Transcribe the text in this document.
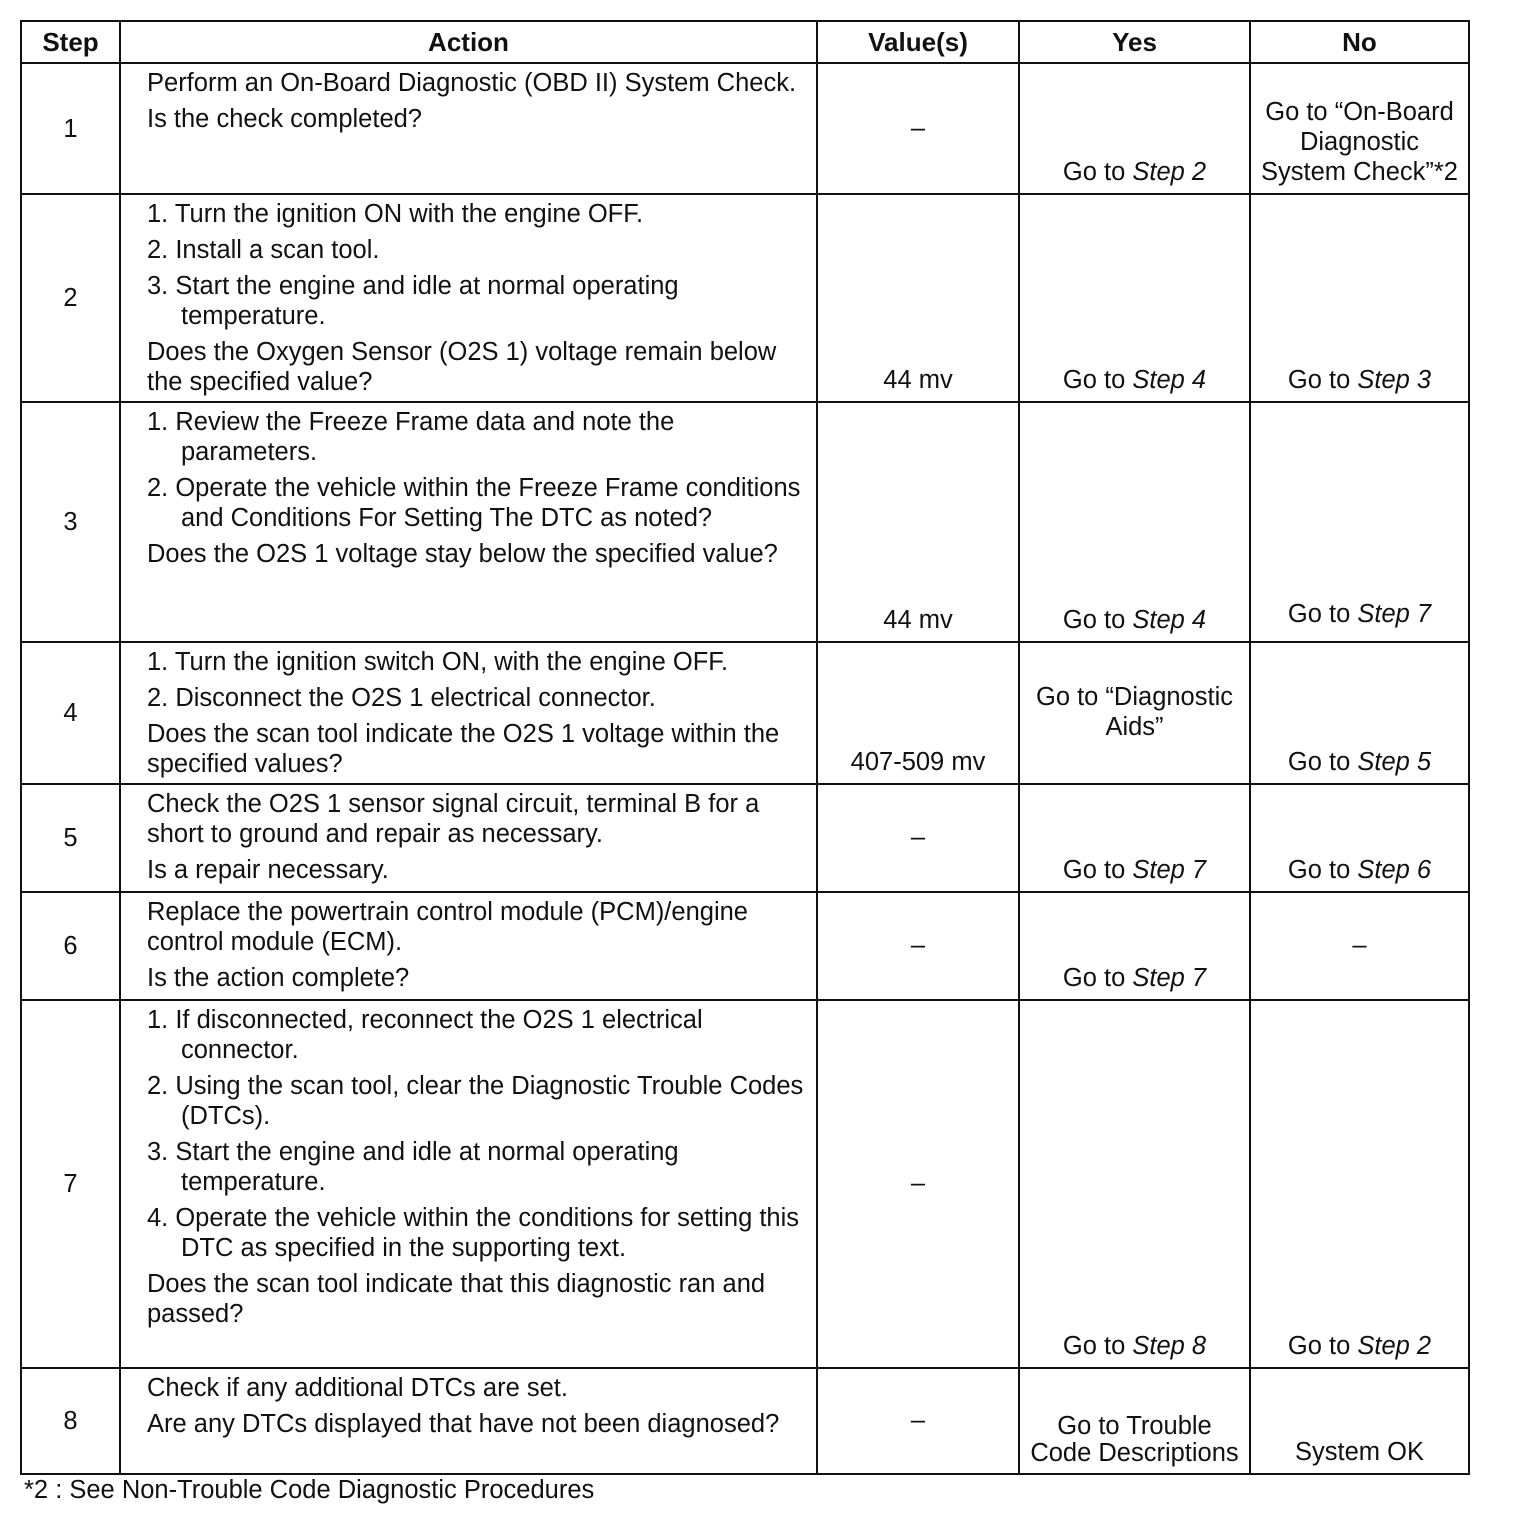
Step	Action	Value(s)	Yes	No
1	Perform an On-Board Diagnostic (OBD II) System Check.
Is the check completed?	–	Go to Step 2	Go to “On-Board Diagnostic System Check”*2
2	1. Turn the ignition ON with the engine OFF.
2. Install a scan tool.
3. Start the engine and idle at normal operating temperature.
Does the Oxygen Sensor (O2S 1) voltage remain below the specified value?	44 mv	Go to Step 4	Go to Step 3
3	1. Review the Freeze Frame data and note the parameters.
2. Operate the vehicle within the Freeze Frame conditions and Conditions For Setting The DTC as noted?
Does the O2S 1 voltage stay below the specified value?	44 mv	Go to Step 4	Go to Step 7
4	1. Turn the ignition switch ON, with the engine OFF.
2. Disconnect the O2S 1 electrical connector.
Does the scan tool indicate the O2S 1 voltage within the specified values?	407-509 mv	Go to “Diagnostic Aids”	Go to Step 5
5	Check the O2S 1 sensor signal circuit, terminal B for a short to ground and repair as necessary.
Is a repair necessary.	–	Go to Step 7	Go to Step 6
6	Replace the powertrain control module (PCM)/engine control module (ECM).
Is the action complete?	–	Go to Step 7	–
7	1. If disconnected, reconnect the O2S 1 electrical connector.
2. Using the scan tool, clear the Diagnostic Trouble Codes (DTCs).
3. Start the engine and idle at normal operating temperature.
4. Operate the vehicle within the conditions for setting this DTC as specified in the supporting text.
Does the scan tool indicate that this diagnostic ran and passed?	–	Go to Step 8	Go to Step 2
8	Check if any additional DTCs are set.
Are any DTCs displayed that have not been diagnosed?	–	Go to Trouble Code Descriptions	System OK
*2 : See Non-Trouble Code Diagnostic Procedures
